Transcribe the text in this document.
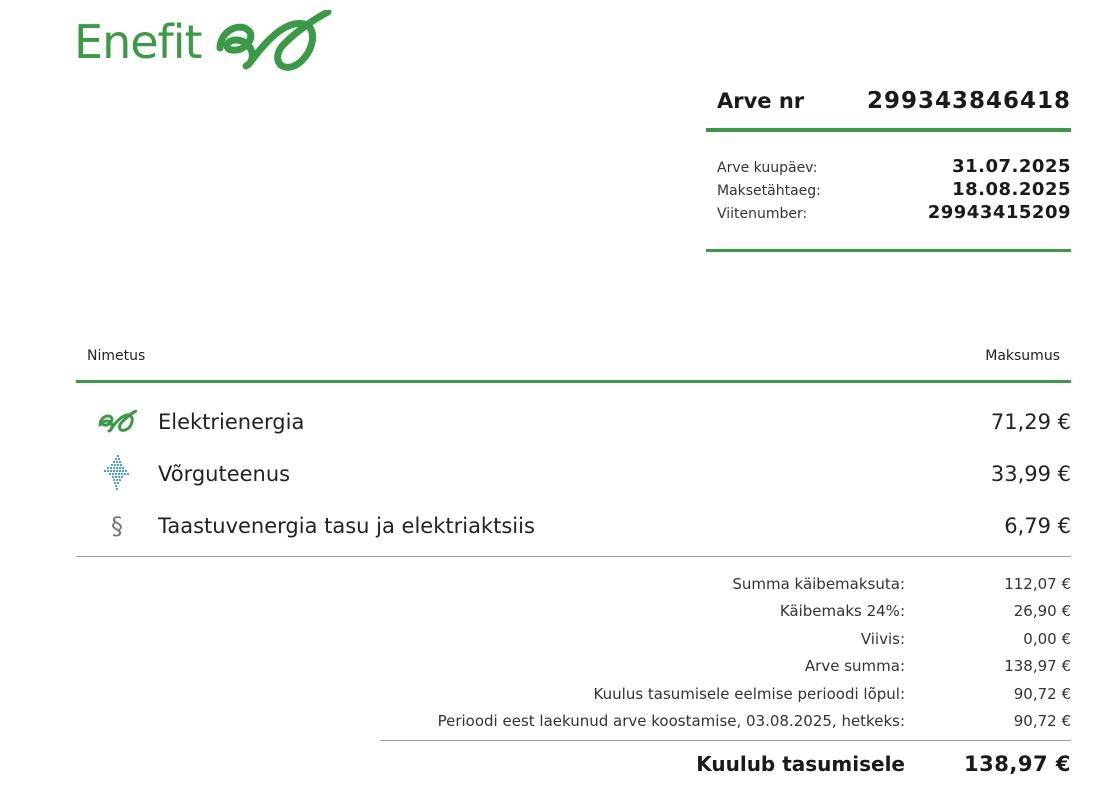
Enefit
Arve nr	299343846418
Arve kuupäev:	31.07.2025
Maksetähtaeg:	18.08.2025
Viitenumber:	29943415209
Nimetus	Maksumus
Elektrienergia	71,29 €
Võrguteenus	33,99 €
§ Taastuvenergia tasu ja elektriaktsiis	6,79 €
Summa käibemaksuta:	112,07 €
Käibemaks 24%:	26,90 €
Viivis:	0,00 €
Arve summa:	138,97 €
Kuulus tasumisele eelmise perioodi lõpul:	90,72 €
Perioodi eest laekunud arve koostamise, 03.08.2025, hetkeks:	90,72 €
Kuulub tasumisele	138,97 €
